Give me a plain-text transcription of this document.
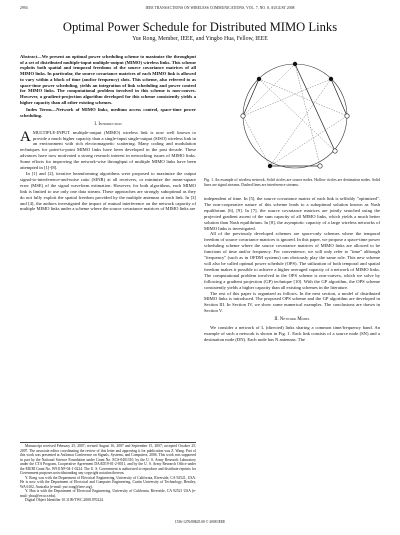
2994	IEEE TRANSACTIONS ON WIRELESS COMMUNICATIONS, VOL. 7, NO. 8, AUGUST 2008
Optimal Power Schedule for Distributed MIMO Links
Yue Rong, Member, IEEE, and Yingbo Hua, Fellow, IEEE

Abstract—We present an optimal power scheduling scheme to maximize the throughput of a set of distributed multiple-input multiple-output (MIMO) wireless links. This scheme exploits both spatial and temporal freedoms of the source covariance matrices of all MIMO links. In particular, the source covariance matrices of each MIMO link is allowed to vary within a block of time (and/or frequency) slots. This scheme, also referred to as space-time power scheduling, yields an integration of link scheduling and power control for MIMO links. The computational problem involved in this scheme is non-convex. However, a gradient-projection algorithm developed for this scheme consistently yields a higher capacity than all other existing schemes.

Index Terms—Network of MIMO links, medium access control, space-time power scheduling.

I. Introduction

AMULTIPLE-INPUT multiple-output (MIMO) wireless link is now well known to provide a much higher capacity than a single-input single-output (SISO) wireless link in an environment with rich electromagnetic scattering. Many coding and modulation techniques for point-to-point MIMO links have been developed in the past decade. These advances have now motivated a strong research interest in networking issues of MIMO links. Some efforts for improving the network-wise throughput of multiple MIMO links have been attempted in [1]-[8].

In [1] and [2], iterative beamforming algorithms were proposed to maximize the output signal-to-interference-and-noise ratio (SINR) at all receivers, or minimize the mean-square error (MSE) of the signal waveform estimation. However, for both algorithms, each MIMO link is limited to use only one data stream. These approaches are strongly suboptimal as they do not fully exploit the spatial freedom provided by the multiple antennas at each link. In [3] and [4], the authors investigated the impact of mutual interference on the network capacity of multiple MIMO links under a scheme where the source covariance matrices of MIMO links are

Manuscript received February 25, 2007; revised August 16, 2007 and September 15, 2007; accepted October 25, 2007. The associate editor coordinating the review of this letter and approving it for publication was Z. Wang. Part of this work was presented at Asilomar Conference on Signals, Systems, and Computers, 2006. This work was supported in part by the National Science Foundation under Grant No. ECS-0401310, by the U. S. Army Research Laboratory under the CTA Program, Cooperative Agreement DAAD19-01-2-0011, and by the U. S. Army Research Office under the MURI Grant No. W911NF-04-1-0224. The U. S. Government is authorized to reproduce and distribute reprints for Government purposes notwithstanding any copyright notation thereon.

Y. Rong was with the Department of Electrical Engineering, University of California, Riverside, CA 92521, USA. He is now with the Department of Electrical and Computer Engineering, Curtin University of Technology, Bentley, WA 6102, Australia (e-mail: yue.rong@ieee.org).

Y. Hua is with the Department of Electrical Engineering, University of California, Riverside, CA 92521 USA (e-mail: yhua@ee.ucr.edu).

Digital Object Identifier 10.1109/TWC.2008.070224.

Fig. 1. An example of wireless network. Solid circles are source nodes. Hollow circles are destination nodes. Solid lines are signal streams. Dashed lines are interference streams.

independent of time. In [5], the source covariance matrix of each link is selfishly "optimized". The non-cooperative nature of this scheme leads to a suboptimal solution known as Nash equilibrium [6], [9]. In [7], the source covariance matrices are jointly searched using the projected gradient ascent of the sum capacity of all MIMO links, which yields a much better solution than Nash equilibrium. In [8], the asymptotic capacity of a large wireless networks of MIMO links is investigated.

All of the previously developed schemes are space-only schemes where the temporal freedom of source covariance matrices is ignored. In this paper, we propose a space-time power scheduling scheme where the source covariance matrices of MIMO links are allowed to be functions of time and/or frequency. For convenience, we will only refer to "time" although "frequency" (such as in OFDM systems) can obviously play the same role. This new scheme will also be called optimal power schedule (OPS). The utilization of both temporal and spatial freedom makes it possible to achieve a higher averaged capacity of a network of MIMO links. The computational problem involved in the OPS scheme is non-convex, which we solve by following a gradient projection (GP) technique [10]. With the GP algorithm, the OPS scheme consistently yields a higher capacity than all existing schemes in the literature.

The rest of this paper is organized as follows. In the next section, a model of distributed MIMO links is introduced. The proposed OPS scheme and the GP algorithm are developed in Section III. In Section IV, we show some numerical examples. The conclusions are drawn in Section V.

II. Network Model

We consider a network of L (directed) links sharing a common time/frequency band. An example of such a network is shown in Fig. 1. Each link consists of a source node (SN) and a destination node (DN). Each node has N antennas. The

1536-1276/08$25.00 © 2008 IEEE
